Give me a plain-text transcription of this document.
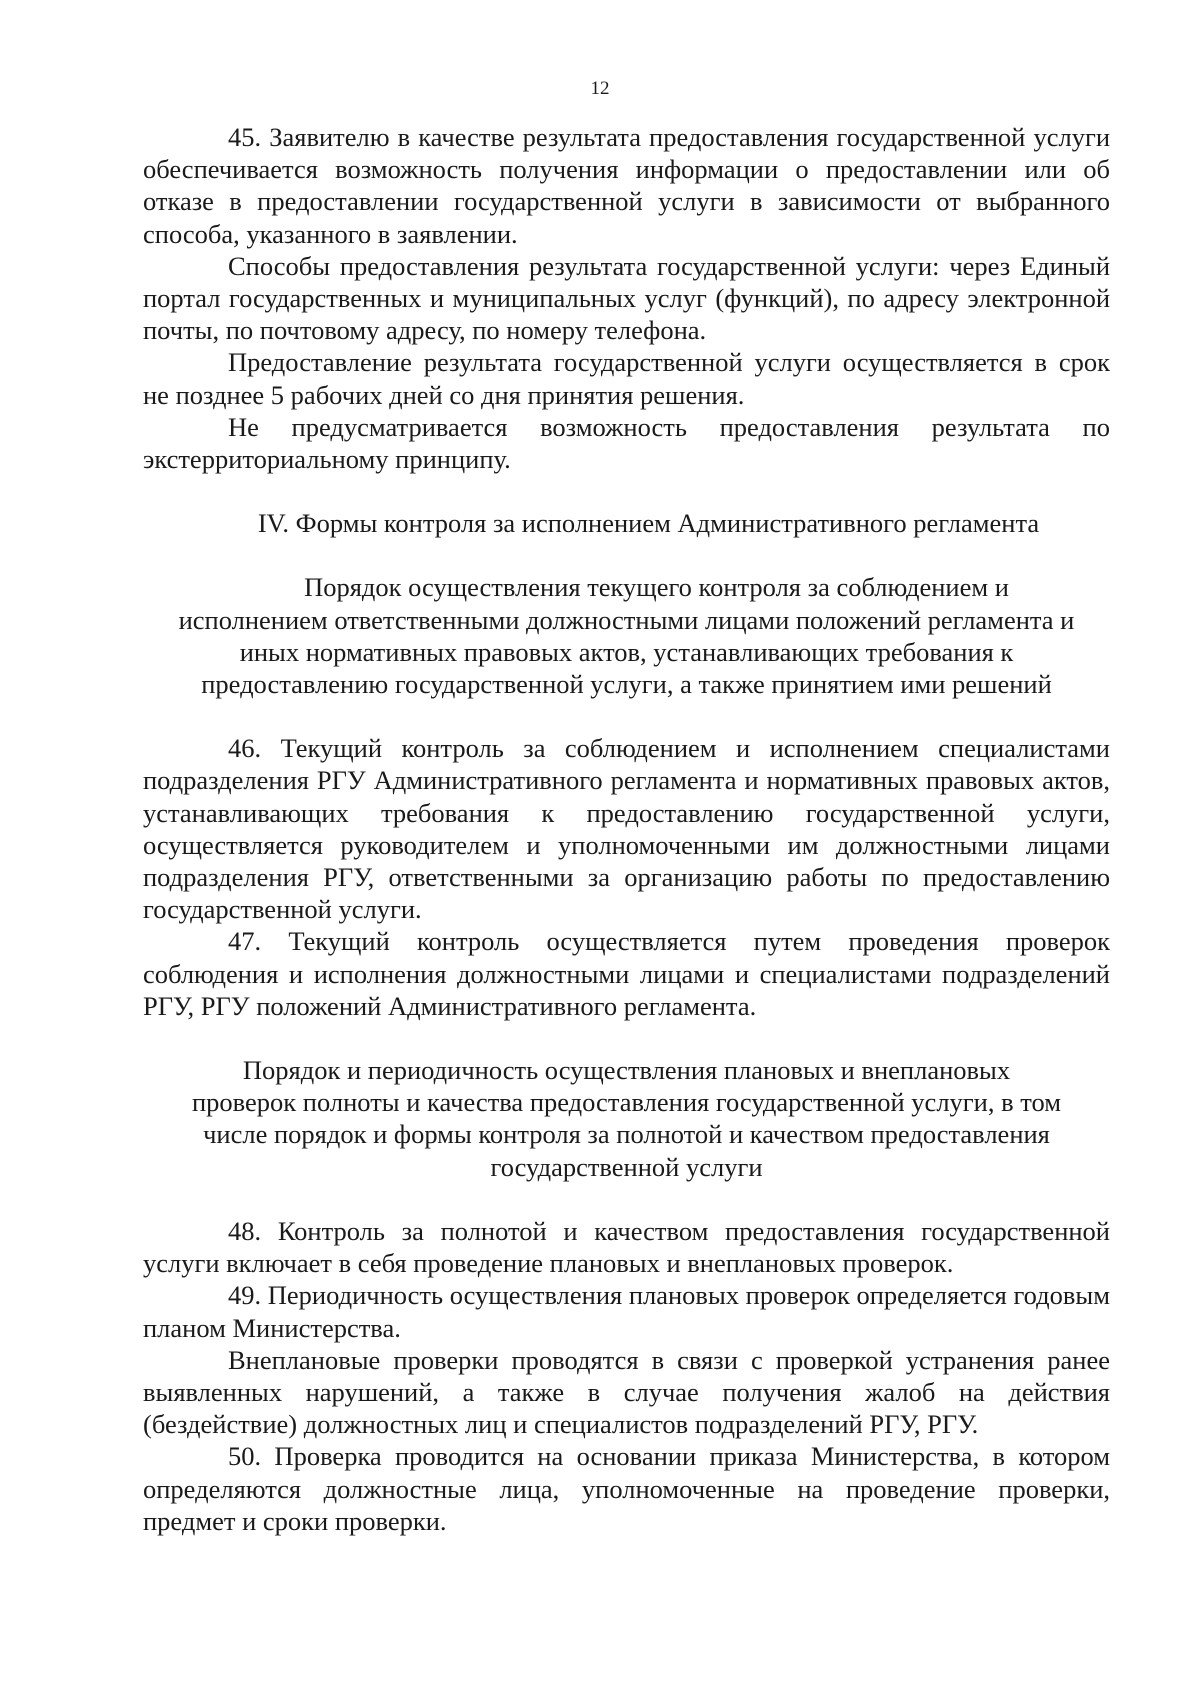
12

45. Заявителю в качестве результата предоставления государственной услуги обеспечивается возможность получения информации о предоставлении или об отказе в предоставлении государственной услуги в зависимости от выбранного способа, указанного в заявлении.

Способы предоставления результата государственной услуги: через Единый портал государственных и муниципальных услуг (функций), по адресу электронной почты, по почтовому адресу, по номеру телефона.

Предоставление результата государственной услуги осуществляется в срок не позднее 5 рабочих дней со дня принятия решения.

Не предусматривается возможность предоставления результата по экстерриториальному принципу.

IV. Формы контроля за исполнением Административного регламента
Порядок осуществления текущего контроля за соблюдением и
исполнением ответственными должностными лицами положений регламента и
иных нормативных правовых актов, устанавливающих требования к
предоставлению государственной услуги, а также принятием ими решений

46. Текущий контроль за соблюдением и исполнением специалистами подразделения РГУ Административного регламента и нормативных правовых актов, устанавливающих требования к предоставлению государственной услуги, осуществляется руководителем и уполномоченными им должностными лицами подразделения РГУ, ответственными за организацию работы по предоставлению государственной услуги.

47. Текущий контроль осуществляется путем проведения проверок соблюдения и исполнения должностными лицами и специалистами подразделений РГУ, РГУ положений Административного регламента.

Порядок и периодичность осуществления плановых и внеплановых
проверок полноты и качества предоставления государственной услуги, в том
числе порядок и формы контроля за полнотой и качеством предоставления
государственной услуги

48. Контроль за полнотой и качеством предоставления государственной услуги включает в себя проведение плановых и внеплановых проверок.

49. Периодичность осуществления плановых проверок определяется годовым планом Министерства.

Внеплановые проверки проводятся в связи с проверкой устранения ранее выявленных нарушений, а также в случае получения жалоб на действия (бездействие) должностных лиц и специалистов подразделений РГУ, РГУ.

50. Проверка проводится на основании приказа Министерства, в котором определяются должностные лица, уполномоченные на проведение проверки, предмет и сроки проверки.
